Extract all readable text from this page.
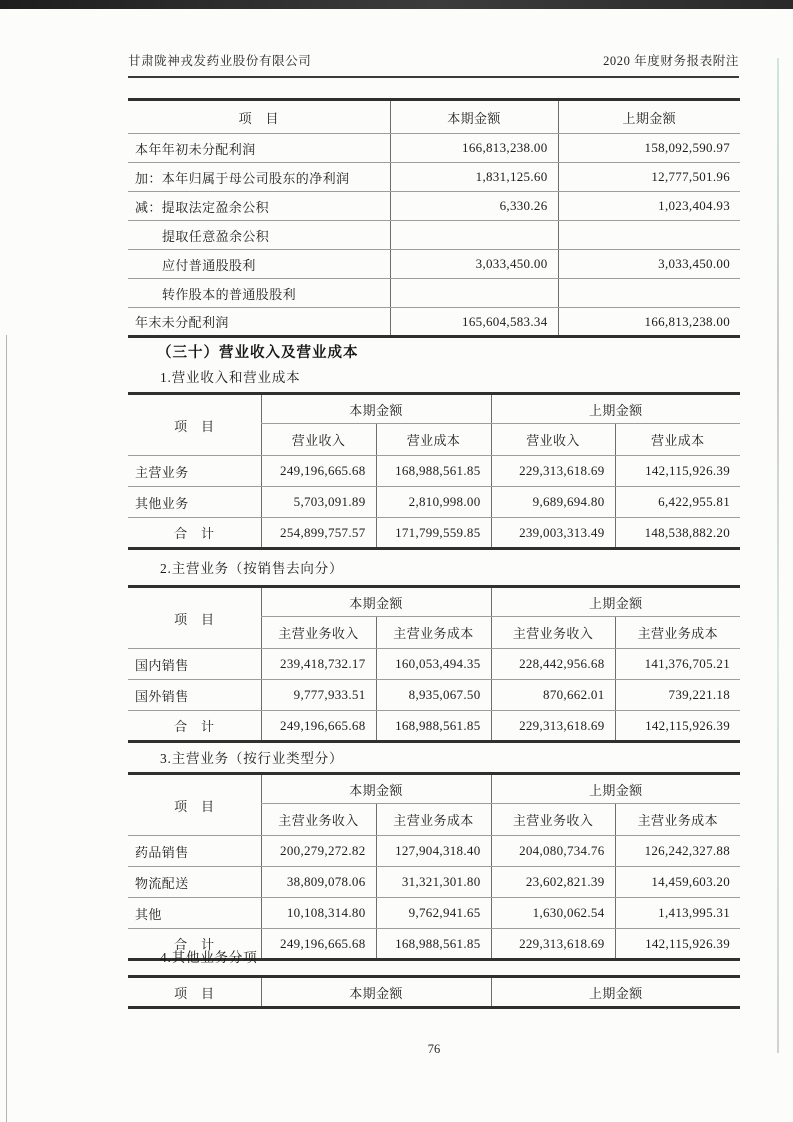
甘肃陇神戎发药业股份有限公司	2020 年度财务报表附注
项　目	本期金额	上期金额
本年年初未分配利润	166,813,238.00	158,092,590.97
加：本年归属于母公司股东的净利润	1,831,125.60	12,777,501.96
减：提取法定盈余公积	6,330.26	1,023,404.93
提取任意盈余公积		
应付普通股股利	3,033,450.00	3,033,450.00
转作股本的普通股股利		
年末未分配利润	165,604,583.34	166,813,238.00
（三十）营业收入及营业成本
1.营业收入和营业成本
项　目	本期金额		上期金额	
	营业收入	营业成本	营业收入	营业成本
主营业务	249,196,665.68	168,988,561.85	229,313,618.69	142,115,926.39
其他业务	5,703,091.89	2,810,998.00	9,689,694.80	6,422,955.81
合　计	254,899,757.57	171,799,559.85	239,003,313.49	148,538,882.20
2.主营业务（按销售去向分）
项　目	本期金额		上期金额	
	主营业务收入	主营业务成本	主营业务收入	主营业务成本
国内销售	239,418,732.17	160,053,494.35	228,442,956.68	141,376,705.21
国外销售	9,777,933.51	8,935,067.50	870,662.01	739,221.18
合　计	249,196,665.68	168,988,561.85	229,313,618.69	142,115,926.39
3.主营业务（按行业类型分）
项　目	本期金额		上期金额	
	主营业务收入	主营业务成本	主营业务收入	主营业务成本
药品销售	200,279,272.82	127,904,318.40	204,080,734.76	126,242,327.88
物流配送	38,809,078.06	31,321,301.80	23,602,821.39	14,459,603.20
其他	10,108,314.80	9,762,941.65	1,630,062.54	1,413,995.31
合　计	249,196,665.68	168,988,561.85	229,313,618.69	142,115,926.39
4.其他业务分项
项　目	本期金额	上期金额
76
